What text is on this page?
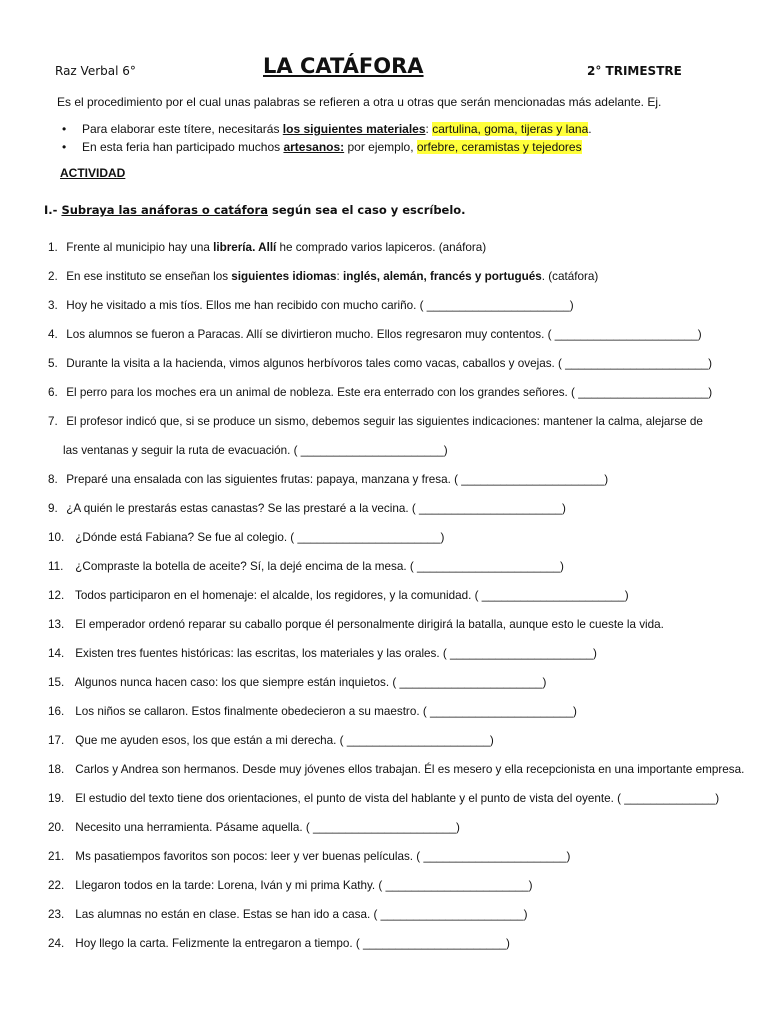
Raz Verbal 6°	LA CATÁFORA	2° TRIMESTRE
Es el procedimiento por el cual unas palabras se refieren a otra u otras que serán mencionadas más adelante. Ej.
• Para elaborar este títere, necesitarás los siguientes materiales: cartulina, goma, tijeras y lana.
• En esta feria han participado muchos artesanos: por ejemplo, orfebre, ceramistas y tejedores
ACTIVIDAD
I.- Subraya las anáforas o catáfora según sea el caso y escríbelo.
1. Frente al municipio hay una librería. Allí he comprado varios lapiceros. (anáfora)
2. En ese instituto se enseñan los siguientes idiomas: inglés, alemán, francés y portugués. (catáfora)
3. Hoy he visitado a mis tíos. Ellos me han recibido con mucho cariño. ( ______________________)
4. Los alumnos se fueron a Paracas. Allí se divirtieron mucho. Ellos regresaron muy contentos. ( ______________________)
5. Durante la visita a la hacienda, vimos algunos herbívoros tales como vacas, caballos y ovejas. ( ______________________)
6. El perro para los moches era un animal de nobleza. Este era enterrado con los grandes señores. ( ____________________)
7. El profesor indicó que, si se produce un sismo, debemos seguir las siguientes indicaciones: mantener la calma, alejarse de
las ventanas y seguir la ruta de evacuación. ( ______________________)
8. Preparé una ensalada con las siguientes frutas: papaya, manzana y fresa. ( ______________________)
9. ¿A quién le prestarás estas canastas? Se las prestaré a la vecina. ( ______________________)
10. ¿Dónde está Fabiana? Se fue al colegio. ( ______________________)
11. ¿Compraste la botella de aceite? Sí, la dejé encima de la mesa. ( ______________________)
12. Todos participaron en el homenaje: el alcalde, los regidores, y la comunidad. ( ______________________)
13. El emperador ordenó reparar su caballo porque él personalmente dirigirá la batalla, aunque esto le cueste la vida.
14. Existen tres fuentes históricas: las escritas, los materiales y las orales. ( ______________________)
15. Algunos nunca hacen caso: los que siempre están inquietos. ( ______________________)
16. Los niños se callaron. Estos finalmente obedecieron a su maestro. ( ______________________)
17. Que me ayuden esos, los que están a mi derecha. ( ______________________)
18. Carlos y Andrea son hermanos. Desde muy jóvenes ellos trabajan. Él es mesero y ella recepcionista en una importante empresa.
19. El estudio del texto tiene dos orientaciones, el punto de vista del hablante y el punto de vista del oyente. ( ______________)
20. Necesito una herramienta. Pásame aquella. ( ______________________)
21. Ms pasatiempos favoritos son pocos: leer y ver buenas películas. ( ______________________)
22. Llegaron todos en la tarde: Lorena, Iván y mi prima Kathy. ( ______________________)
23. Las alumnas no están en clase. Estas se han ido a casa. ( ______________________)
24. Hoy llego la carta. Felizmente la entregaron a tiempo. ( ______________________)
